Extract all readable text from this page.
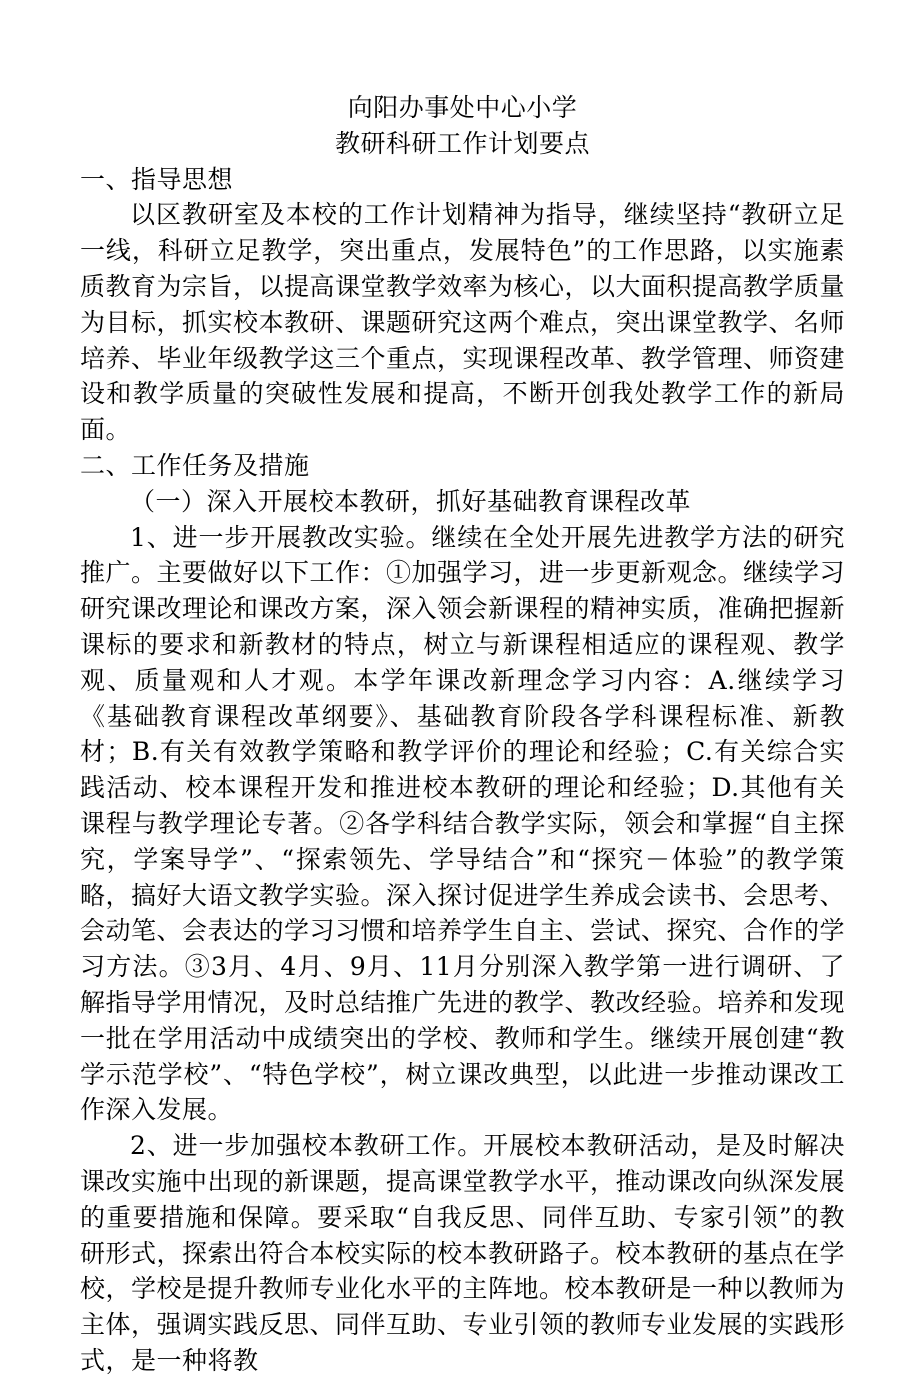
向阳办事处中心小学

教研科研工作计划要点

一、指导思想

以区教研室及本校的工作计划精神为指导，继续坚持“教研立足一线，科研立足教学，突出重点，发展特色”的工作思路，以实施素质教育为宗旨，以提高课堂教学效率为核心，以大面积提高教学质量为目标，抓实校本教研、课题研究这两个难点，突出课堂教学、名师培养、毕业年级教学这三个重点，实现课程改革、教学管理、师资建设和教学质量的突破性发展和提高，不断开创我处教学工作的新局面。

二、工作任务及措施

（一）深入开展校本教研，抓好基础教育课程改革

1、进一步开展教改实验。继续在全处开展先进教学方法的研究推广。主要做好以下工作：①加强学习，进一步更新观念。继续学习研究课改理论和课改方案，深入领会新课程的精神实质，准确把握新课标的要求和新教材的特点，树立与新课程相适应的课程观、教学观、质量观和人才观。本学年课改新理念学习内容：A.继续学习《基础教育课程改革纲要》、基础教育阶段各学科课程标准、新教材；B.有关有效教学策略和教学评价的理论和经验；C.有关综合实践活动、校本课程开发和推进校本教研的理论和经验；D.其他有关课程与教学理论专著。②各学科结合教学实际，领会和掌握“自主探究，学案导学”、“探索领先、学导结合”和“探究－体验”的教学策略，搞好大语文教学实验。深入探讨促进学生养成会读书、会思考、会动笔、会表达的学习习惯和培养学生自主、尝试、探究、合作的学习方法。③3月、4月、9月、11月分别深入教学第一进行调研、了解指导学用情况，及时总结推广先进的教学、教改经验。培养和发现一批在学用活动中成绩突出的学校、教师和学生。继续开展创建“教学示范学校”、“特色学校”，树立课改典型，以此进一步推动课改工作深入发展。

2、进一步加强校本教研工作。开展校本教研活动，是及时解决课改实施中出现的新课题，提高课堂教学水平，推动课改向纵深发展的重要措施和保障。要采取“自我反思、同伴互助、专家引领”的教研形式，探索出符合本校实际的校本教研路子。校本教研的基点在学校，学校是提升教师专业化水平的主阵地。校本教研是一种以教师为主体，强调实践反思、同伴互助、专业引领的教师专业发展的实践形式，是一种将教
